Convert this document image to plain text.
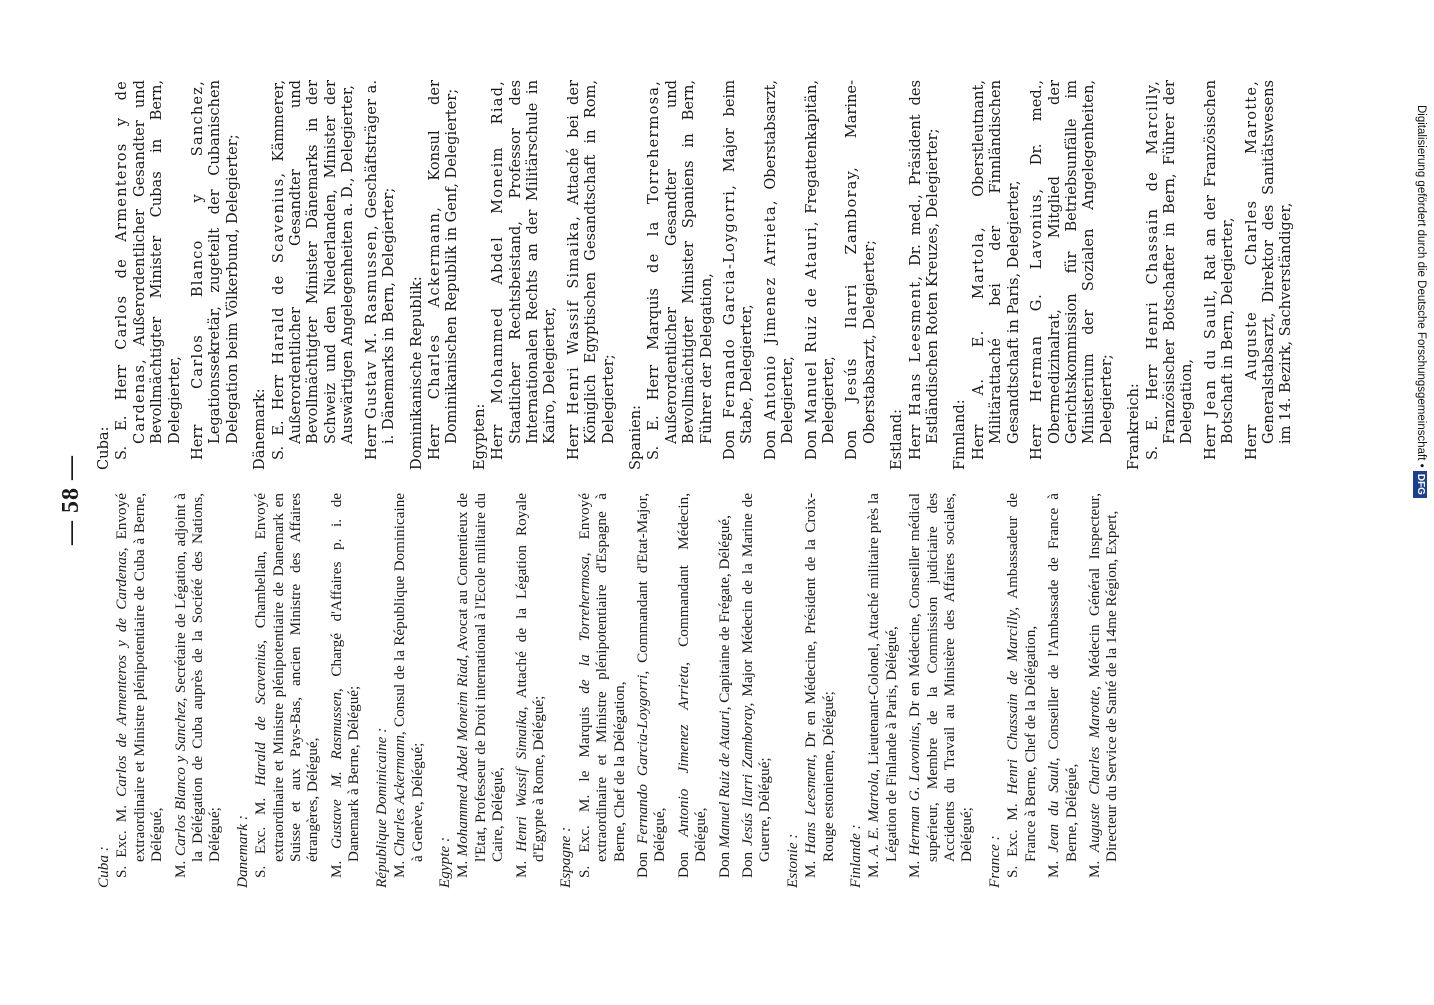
— 58 —
Cuba : S. Exc. M. Carlos de Armenteros y de Cardenas, Envoyé extraordinaire et Ministre plénipotentiaire de Cuba à Berne, Délégué,
M. Carlos Blanco y Sanchez, Secrétaire de Légation, adjoint à la Délégation de Cuba auprès de la Société des Nations, Délégué; Danemark : S. Exc. M. Harald de Scavenius, Chambellan, Envoyé extraordinaire et Ministre plénipotentiaire de Danemark en Suisse et aux Pays-Bas, ancien Ministre des Affaires étrangères, Délégué,
M. Gustave M. Rasmussen, Chargé d'Affaires p. i. de Danemark à Berne, Délégué; République Dominicaine : M. Charles Ackermann, Consul de la République Dominicaine à Genève, Délégué;
Egypte : M. Mohammed Abdel Moneim Riad, Avocat au Contentieux de l'Etat, Professeur de Droit international à l'Ecole militaire du Caire, Délégué,
M. Henri Wassif Simaika, Attaché de la Légation Royale d'Egypte à Rome, Délégué; Espagne : S. Exc. M. le Marquis de la Torrehermosa, Envoyé extraordinaire et Ministre plénipotentiaire d'Espagne à Berne, Chef de la Délégation,
Don Fernando Garcia-Loygorri, Commandant d'Etat-Major, Délégué,
Don Antonio Jimenez Arrieta, Commandant Médecin, Délégué,
Don Manuel Ruiz de Atauri, Capitaine de Frégate, Délégué,
Don Jesús Ilarri Zamboray, Major Médecin de la Marine de Guerre, Délégué; Estonie : M. Hans Leesment, Dr en Médecine, Président de la Croix-Rouge estonienne, Délégué; Finlande : M. A. E. Martola, Lieutenant-Colonel, Attaché militaire près la Légation de Finlande à Paris, Délégué,
M. Herman G. Lavonius, Dr en Médecine, Conseiller médical supérieur, Membre de la Commission judiciaire des Accidents du Travail au Ministère des Affaires sociales, Délégué; France : S. Exc. M. Henri Chassain de Marcilly, Ambassadeur de France à Berne, Chef de la Délégation,
M. Jean du Sault, Conseiller de l'Ambassade de France à Berne, Délégué,
M. Auguste Charles Marotte, Médecin Général Inspecteur, Directeur du Service de Santé de la 14me Région, Expert,
Cuba: S. E. Herr Carlos de Armenteros y de Cardenas, Außerordentlicher Gesandter und Bevollmächtigter Minister Cubas in Bern, Delegierter, Herr Carlos Blanco y Sanchez, Legationssekretär, zugeteilt der Cubanischen Delegation beim Völkerbund, Delegierter; Dänemark: S. E. Herr Harald de Scavenius, Kämmerer, Außerordentlicher Gesandter und Bevollmächtigter Minister Dänemarks in der Schweiz und den Niederlanden, Minister der Auswärtigen Angelegenheiten a. D., Delegierter, Herr Gustav M. Rasmussen, Geschäftsträger a. i. Dänemarks in Bern, Delegierter; Dominikanische Republik: Herr Charles Ackermann, Konsul der Dominikanischen Republik in Genf, Delegierter; Egypten: Herr Mohammed Abdel Moneim Riad, Staatlicher Rechtsbeistand, Professor des Internationalen Rechts an der Militärschule in Kairo, Delegierter, Herr Henri Wassif Simaika, Attaché bei der Königlich Egyptischen Gesandtschaft in Rom, Delegierter; Spanien: S. E. Herr Marquis de la Torrehermosa, Außerordentlicher Gesandter und Bevollmächtigter Minister Spaniens in Bern, Führer der Delegation,
Don Fernando Garcia-Loygorri, Major beim Stabe, Delegierter,
Don Antonio Jimenez Arrieta, Oberstabsarzt, Delegierter,
Don Manuel Ruiz de Atauri, Fregattenkapitän, Delegierter,
Don Jesús Ilarri Zamboray, Marine-Oberstabsarzt, Delegierter; Estland: Herr Hans Leesment, Dr. med., Präsident des Estländischen Roten Kreuzes, Delegierter; Finnland: Herr A. E. Martola, Oberstleutnant, Militärattaché bei der Finnländischen Gesandtschaft in Paris, Delegierter, Herr Herman G. Lavonius, Dr. med., Obermedizinalrat, Mitglied der Gerichtskommission für Betriebsunfälle im Ministerium der Sozialen Angelegenheiten, Delegierter; Frankreich: S. E. Herr Henri Chassain de Marcilly, Französischer Botschafter in Bern, Führer der Delegation, Herr Jean du Sault, Rat an der Französischen Botschaft in Bern, Delegierter, Herr Auguste Charles Marotte, Generalstabsarzt, Direktor des Sanitätswesens im 14. Bezirk, Sachverständiger,	Digitalisierung gefördert durch die Deutsche Forschungsgemeinschaft • DFG
